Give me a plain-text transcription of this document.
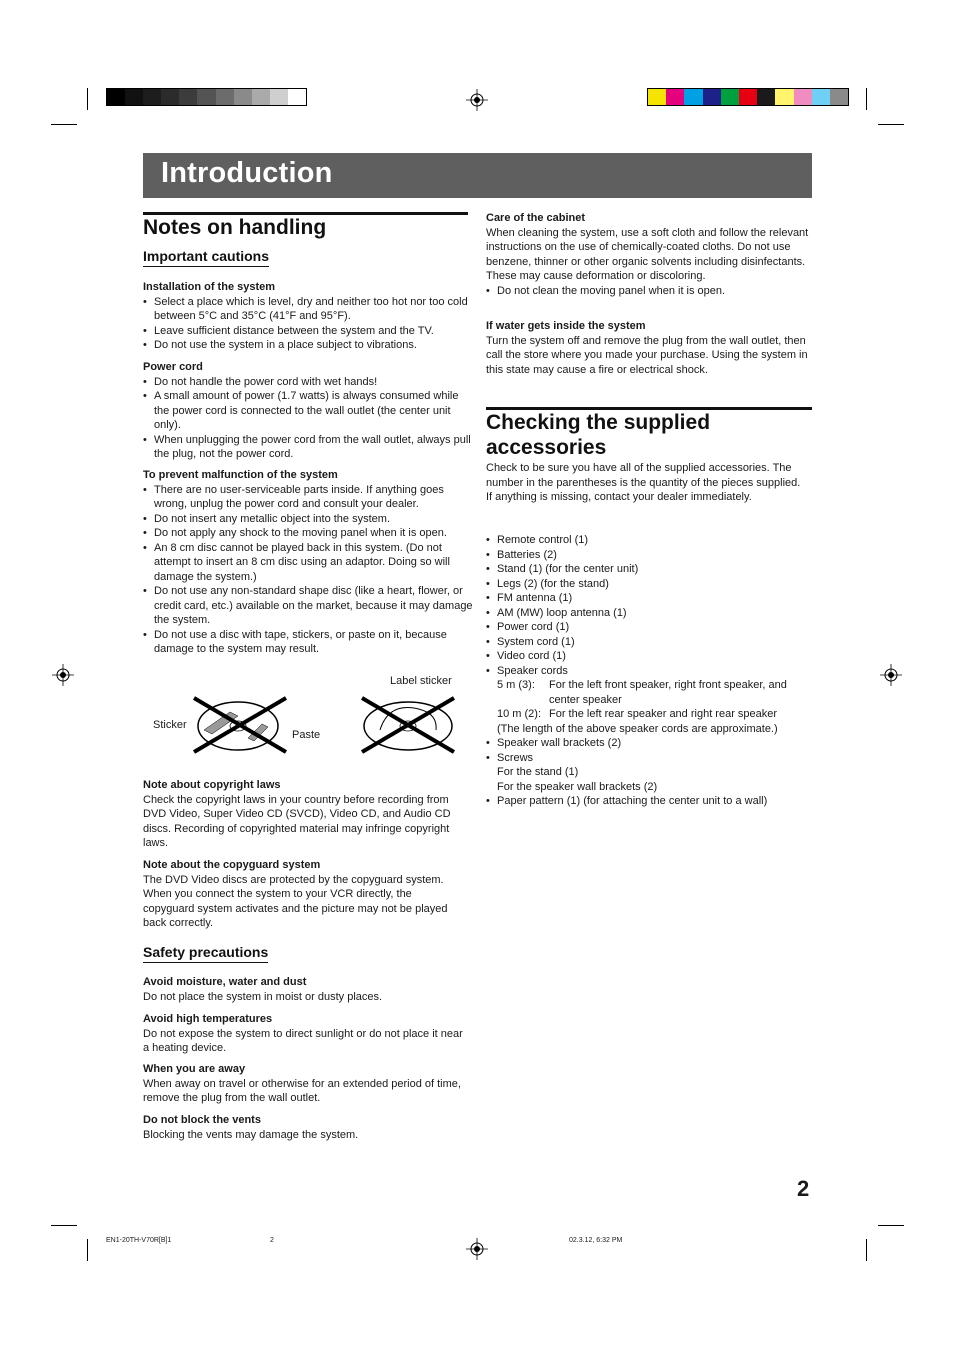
Introduction
Notes on handling
Important cautions
Installation of the system
• Select a place which is level, dry and neither too hot nor too cold between 5°C and 35°C (41°F and 95°F).
• Leave sufficient distance between the system and the TV.
• Do not use the system in a place subject to vibrations.
Power cord
• Do not handle the power cord with wet hands!
• A small amount of power (1.7 watts) is always consumed while the power cord is connected to the wall outlet (the center unit only).
• When unplugging the power cord from the wall outlet, always pull the plug, not the power cord.
To prevent malfunction of the system
• There are no user-serviceable parts inside. If anything goes wrong, unplug the power cord and consult your dealer.
• Do not insert any metallic object into the system.
• Do not apply any shock to the moving panel when it is open.
• An 8 cm disc cannot be played back in this system. (Do not attempt to insert an 8 cm disc using an adaptor. Doing so will damage the system.)
• Do not use any non-standard shape disc (like a heart, flower, or credit card, etc.) available on the market, because it may damage the system.
• Do not use a disc with tape, stickers, or paste on it, because damage to the system may result.
Sticker
Paste
Label sticker
Note about copyright laws

Check the copyright laws in your country before recording from DVD Video, Super Video CD (SVCD), Video CD, and Audio CD discs. Recording of copyrighted material may infringe copyright laws.

Note about the copyguard system

The DVD Video discs are protected by the copyguard system. When you connect the system to your VCR directly, the copyguard system activates and the picture may not be played back correctly.

Safety precautions
Avoid moisture, water and dust

Do not place the system in moist or dusty places.

Avoid high temperatures

Do not expose the system to direct sunlight or do not place it near a heating device.

When you are away

When away on travel or otherwise for an extended period of time, remove the plug from the wall outlet.

Do not block the vents

Blocking the vents may damage the system.

Care of the cabinet

When cleaning the system, use a soft cloth and follow the relevant instructions on the use of chemically-coated cloths. Do not use benzene, thinner or other organic solvents including disinfectants. These may cause deformation or discoloring.

• Do not clean the moving panel when it is open.
If water gets inside the system

Turn the system off and remove the plug from the wall outlet, then call the store where you made your purchase. Using the system in this state may cause a fire or electrical shock.

Checking the supplied
accessories

Check to be sure you have all of the supplied accessories. The number in the parentheses is the quantity of the pieces supplied.

If anything is missing, contact your dealer immediately.

• Remote control (1)
• Batteries (2)
• Stand (1) (for the center unit)
• Legs (2) (for the stand)
• FM antenna (1)
• AM (MW) loop antenna (1)
• Power cord (1)
• System cord (1)
• Video cord (1)
• Speaker cords
5 m (3):	For the left front speaker, right front speaker, and center speaker
10 m (2): For the left rear speaker and right rear speaker
(The length of the above speaker cords are approximate.)
• Speaker wall brackets (2)
• Screws
For the stand (1)
For the speaker wall brackets (2)
• Paper pattern (1) (for attaching the center unit to a wall)
2
EN1-20TH-V70R[B]1	2	02.3.12, 6:32 PM
